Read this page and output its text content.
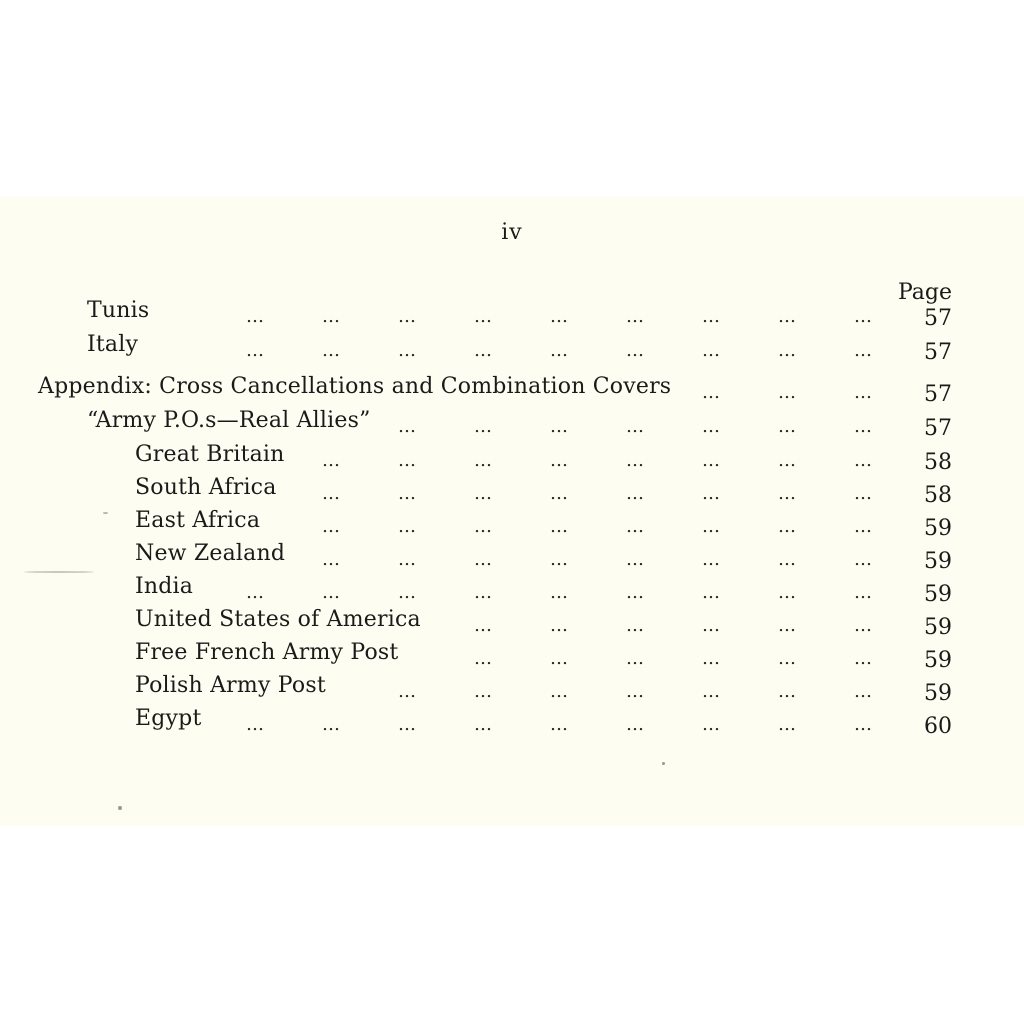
iv
Page
Tunis	57
…	…	…	…	…	…	…	…	…
Italy	57
…	…	…	…	…	…	…	…	…
Appendix: Cross Cancellations and Combination Covers	57
…	…	…
“Army P.O.s—Real Allies”	57
…	…	…	…	…	…	…
Great Britain	58
…	…	…	…	…	…	…	…
South Africa	58
…	…	…	…	…	…	…	…
East Africa	59
…	…	…	…	…	…	…	…
New Zealand	59
…	…	…	…	…	…	…	…
India	59
…	…	…	…	…	…	…	…	…
United States of America	59
…	…	…	…	…	…
Free French Army Post	59
…	…	…	…	…	…
Polish Army Post	59
…	…	…	…	…	…	…
Egypt	60
…	…	…	…	…	…	…	…	…
